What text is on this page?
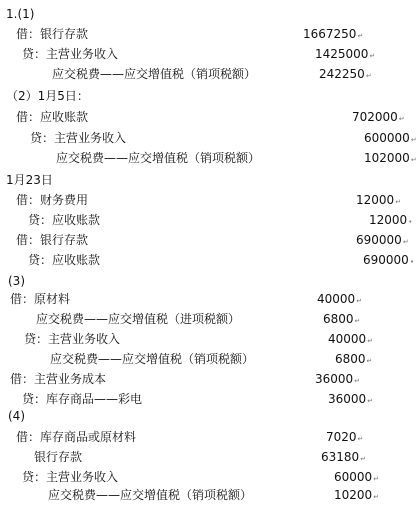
1.(1)
借：银行存款	1667250↵
贷：主营业务收入	1425000↵
应交税费——应交增值税（销项税额）	242250↵
（2）1月5日：
借：应收账款	702000↵
贷：主营业务收入	600000↵
应交税费——应交增值税（销项税额）	102000↵
1月23日
借：财务费用	12000↵
贷：应收账款	12000•
借：银行存款	690000↵
贷：应收账款	690000•
(3)
借：原材料	40000↵
应交税费——应交增值税（进项税额）	6800↵
贷：主营业务收入	40000↵
应交税费——应交增值税（销项税额）	6800↵
借：主营业务成本	36000↵
贷：库存商品——彩电	36000↵
(4)
借：库存商品或原材料	7020↵
银行存款	63180↵
贷：主营业务收入	60000↵
应交税费——应交增值税（销项税额）	10200↵
